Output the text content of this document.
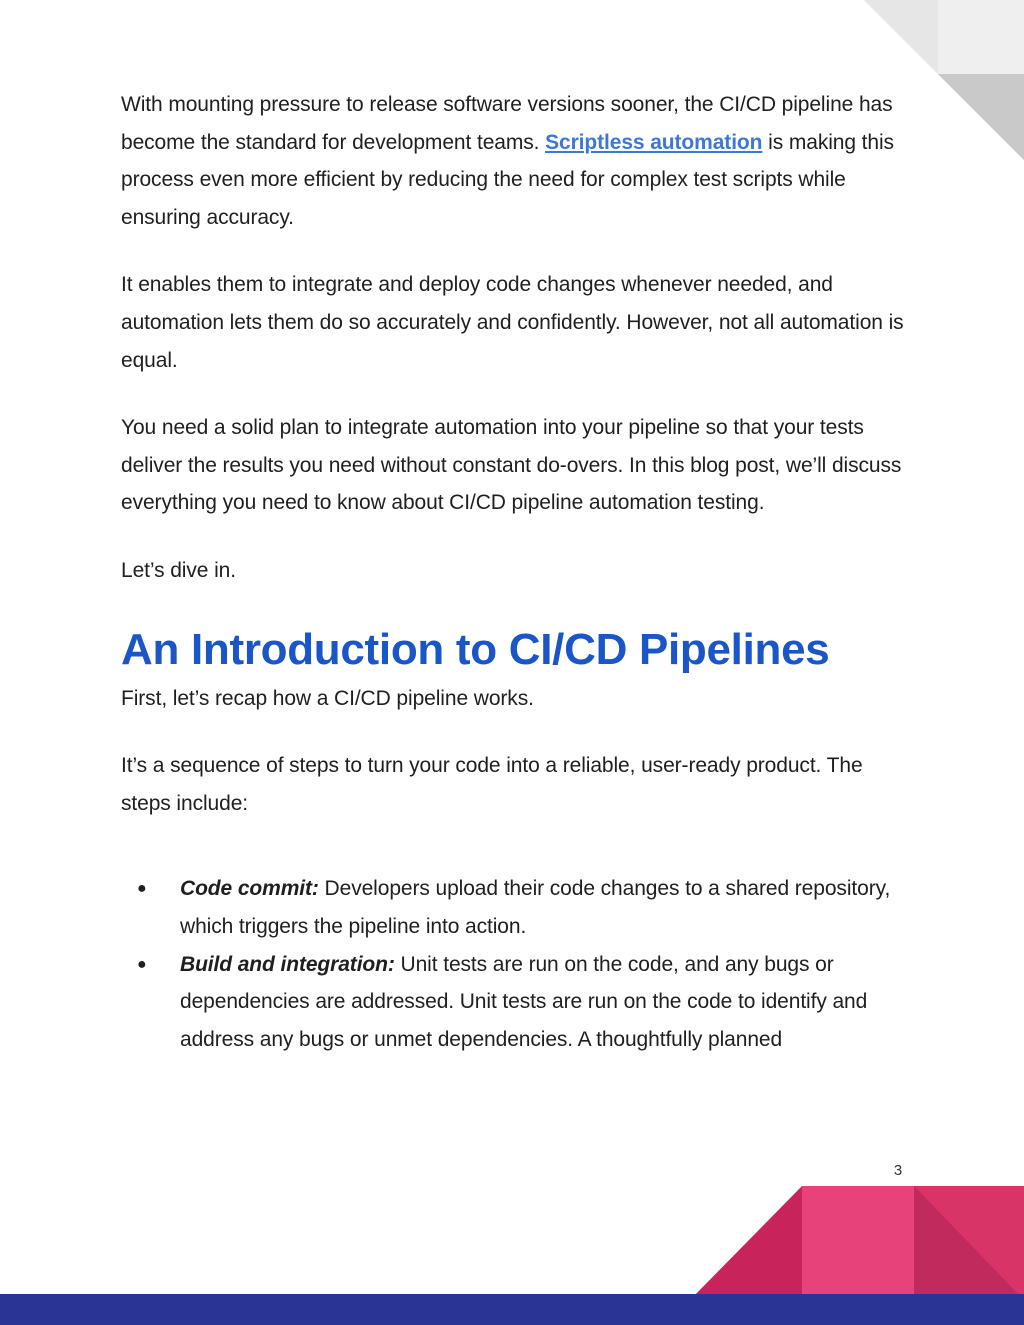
With mounting pressure to release software versions sooner, the CI/CD pipeline has become the standard for development teams. Scriptless automation is making this process even more efficient by reducing the need for complex test scripts while ensuring accuracy.

It enables them to integrate and deploy code changes whenever needed, and automation lets them do so accurately and confidently. However, not all automation is equal.

You need a solid plan to integrate automation into your pipeline so that your tests deliver the results you need without constant do-overs. In this blog post, we’ll discuss everything you need to know about CI/CD pipeline automation testing.

Let’s dive in.

An Introduction to CI/CD Pipelines

First, let’s recap how a CI/CD pipeline works.

It’s a sequence of steps to turn your code into a reliable, user-ready product. The steps include:

● Code commit: Developers upload their code changes to a shared repository, which triggers the pipeline into action.
● Build and integration: Unit tests are run on the code, and any bugs or dependencies are addressed. Unit tests are run on the code to identify and address any bugs or unmet dependencies. A thoughtfully planned
3
